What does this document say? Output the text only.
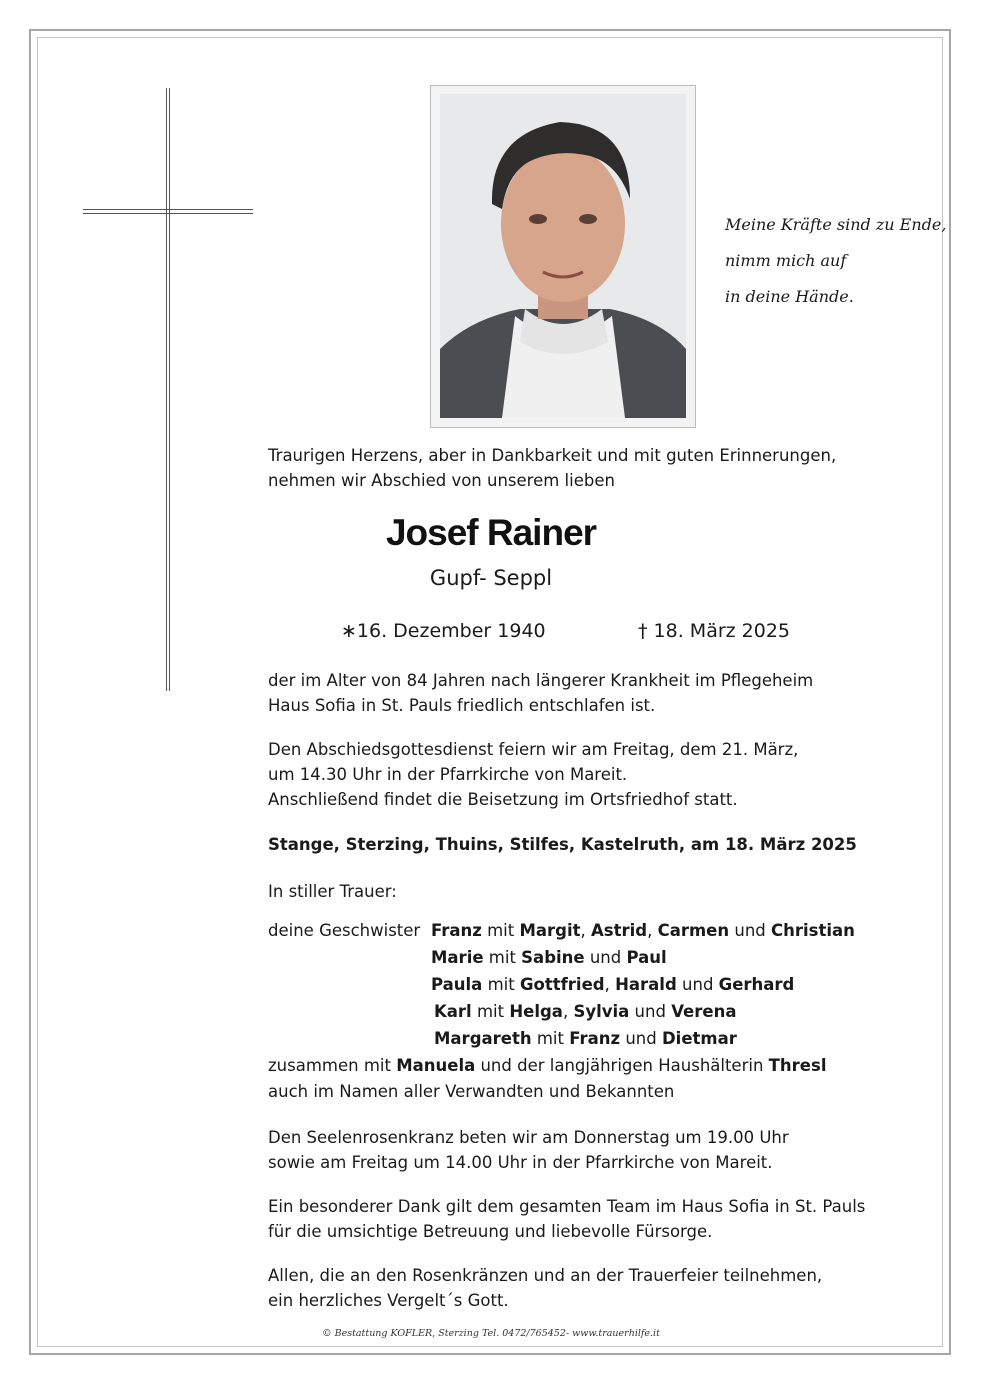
Meine Kräfte sind zu Ende,
nimm mich auf
in deine Hände.
Traurigen Herzens, aber in Dankbarkeit und mit guten Erinnerungen,
nehmen wir Abschied von unserem lieben
Josef Rainer
Gupf- Seppl
∗16. Dezember 1940	† 18. März 2025
der im Alter von 84 Jahren nach längerer Krankheit im Pflegeheim
Haus Sofia in St. Pauls friedlich entschlafen ist.
Den Abschiedsgottesdienst feiern wir am Freitag, dem 21. März,
um 14.30 Uhr in der Pfarrkirche von Mareit.
Anschließend findet die Beisetzung im Ortsfriedhof statt.
Stange, Sterzing, Thuins, Stilfes, Kastelruth, am 18. März 2025
In stiller Trauer:
deine Geschwister Franz mit Margit, Astrid, Carmen und Christian
Marie mit Sabine und Paul
Paula mit Gottfried, Harald und Gerhard
Karl mit Helga, Sylvia und Verena
Margareth mit Franz und Dietmar
zusammen mit Manuela und der langjährigen Haushälterin Thresl
auch im Namen aller Verwandten und Bekannten
Den Seelenrosenkranz beten wir am Donnerstag um 19.00 Uhr
sowie am Freitag um 14.00 Uhr in der Pfarrkirche von Mareit.
Ein besonderer Dank gilt dem gesamten Team im Haus Sofia in St. Pauls
für die umsichtige Betreuung und liebevolle Fürsorge.
Allen, die an den Rosenkränzen und an der Trauerfeier teilnehmen,
ein herzliches Vergelt´s Gott.
© Bestattung KOFLER, Sterzing Tel. 0472/765452- www.trauerhilfe.it
